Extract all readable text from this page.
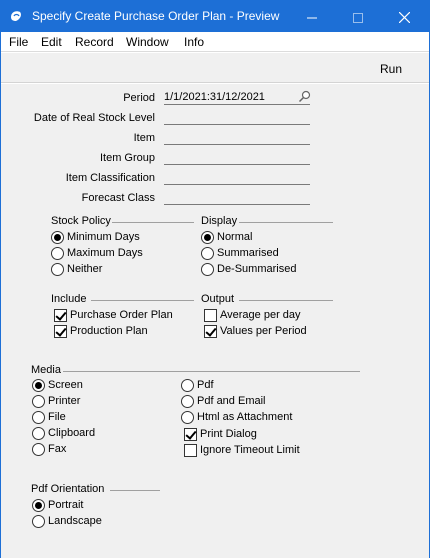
Specify Create Purchase Order Plan - Preview
File Edit Record Window Info
Run
Period 1/1/2021:31/12/2021
Date of Real Stock Level
Item
Item Group
Item Classification
Forecast Class
Stock Policy
Minimum Days
Maximum Days
Neither
Display
Normal
Summarised
De-Summarised
Include
Purchase Order Plan
Production Plan
Output
Average per day
Values per Period
Media
Screen
Printer
File
Clipboard
Fax
Pdf
Pdf and Email
Html as Attachment
Print Dialog
Ignore Timeout Limit
Pdf Orientation
Portrait
Landscape
